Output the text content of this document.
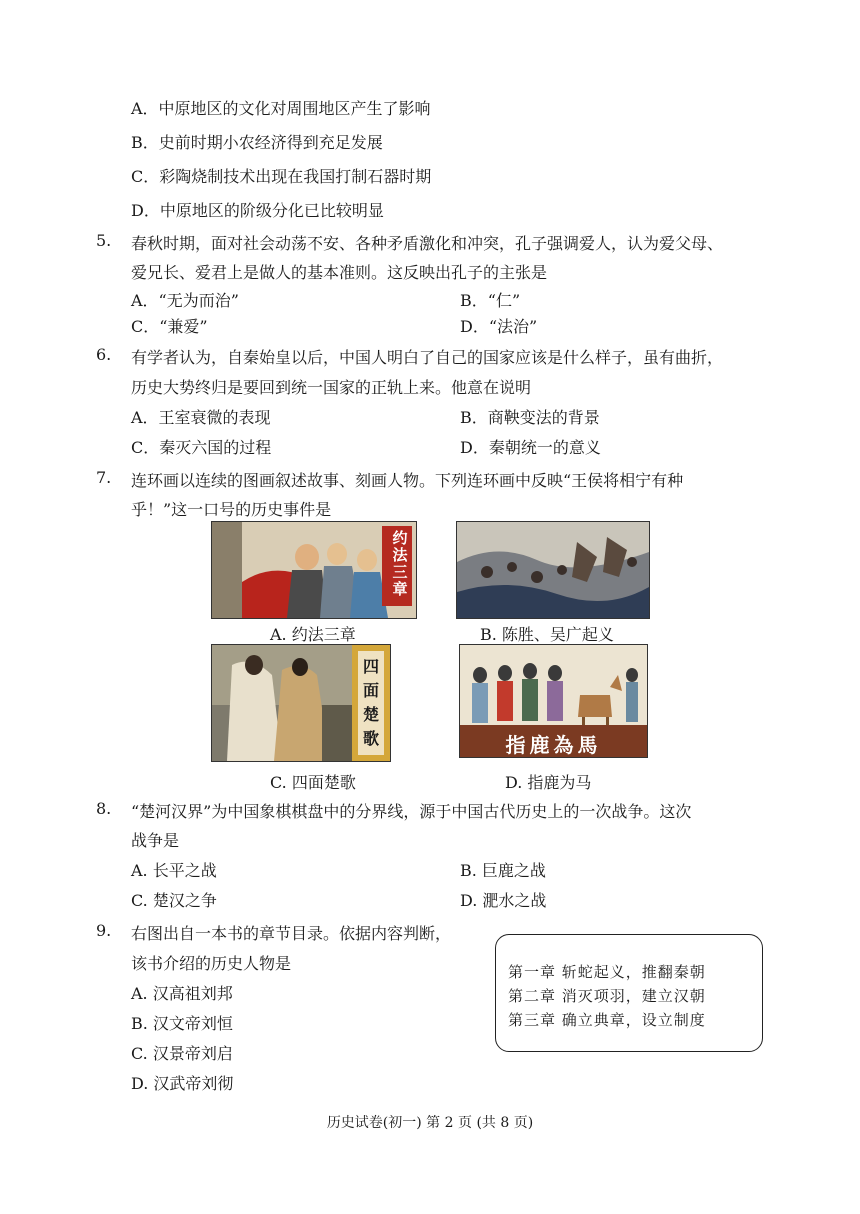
A．中原地区的文化对周围地区产生了影响
B．史前时期小农经济得到充足发展
C．彩陶烧制技术出现在我国打制石器时期
D．中原地区的阶级分化已比较明显
5. 春秋时期，面对社会动荡不安、各种矛盾激化和冲突，孔子强调爱人，认为爱父母、
爱兄长、爱君上是做人的基本准则。这反映出孔子的主张是
A．“无为而治”	B．“仁”
C．“兼爱”	D．“法治”
6. 有学者认为，自秦始皇以后，中国人明白了自己的国家应该是什么样子，虽有曲折，
历史大势终归是要回到统一国家的正轨上来。他意在说明
A．王室衰微的表现	B．商鞅变法的背景
C．秦灭六国的过程	D．秦朝统一的意义
7. 连环画以连续的图画叙述故事、刻画人物。下列连环画中反映“王侯将相宁有种
乎！”这一口号的历史事件是
约法三章
A. 约法三章	B. 陈胜、吴广起义
四面楚歌	指鹿為馬
C. 四面楚歌	D. 指鹿为马
8. “楚河汉界”为中国象棋棋盘中的分界线，源于中国古代历史上的一次战争。这次
战争是
A. 长平之战	B. 巨鹿之战
C. 楚汉之争	D. 淝水之战
9. 右图出自一本书的章节目录。依据内容判断，
该书介绍的历史人物是
A. 汉高祖刘邦
B. 汉文帝刘恒
C. 汉景帝刘启
D. 汉武帝刘彻
第一章 斩蛇起义，推翻秦朝
第二章 消灭项羽，建立汉朝
第三章 确立典章，设立制度
历史试卷(初一) 第 2 页 (共 8 页)
